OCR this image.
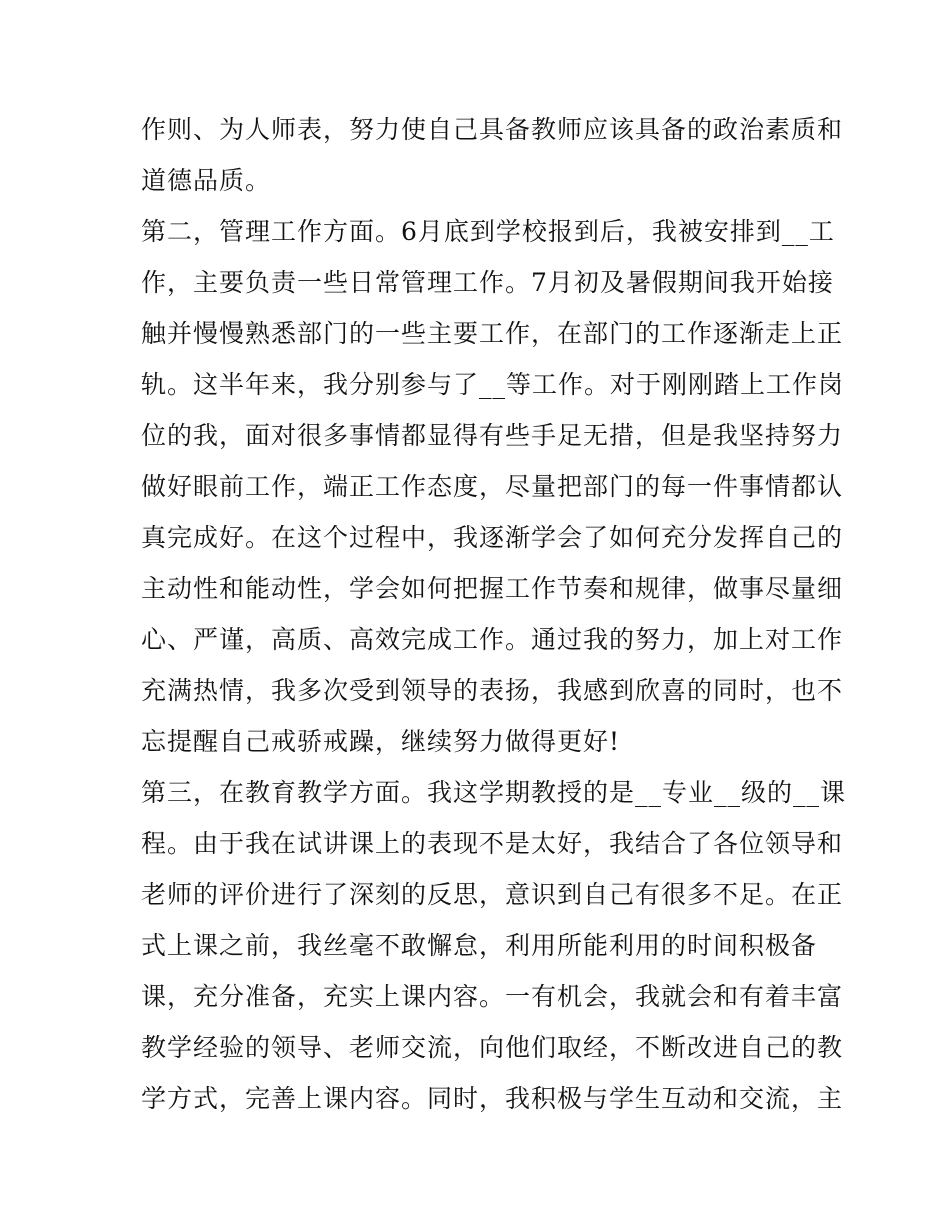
作则、为人师表，努力使自己具备教师应该具备的政治素质和
道德品质。
第二，管理工作方面。6月底到学校报到后，我被安排到__工
作，主要负责一些日常管理工作。7月初及暑假期间我开始接
触并慢慢熟悉部门的一些主要工作，在部门的工作逐渐走上正
轨。这半年来，我分别参与了__等工作。对于刚刚踏上工作岗
位的我，面对很多事情都显得有些手足无措，但是我坚持努力
做好眼前工作，端正工作态度，尽量把部门的每一件事情都认
真完成好。在这个过程中，我逐渐学会了如何充分发挥自己的
主动性和能动性，学会如何把握工作节奏和规律，做事尽量细
心、严谨，高质、高效完成工作。通过我的努力，加上对工作
充满热情，我多次受到领导的表扬，我感到欣喜的同时，也不
忘提醒自己戒骄戒躁，继续努力做得更好!
第三，在教育教学方面。我这学期教授的是__专业__级的__课
程。由于我在试讲课上的表现不是太好，我结合了各位领导和
老师的评价进行了深刻的反思，意识到自己有很多不足。在正
式上课之前，我丝毫不敢懈怠，利用所能利用的时间积极备
课，充分准备，充实上课内容。一有机会，我就会和有着丰富
教学经验的领导、老师交流，向他们取经，不断改进自己的教
学方式，完善上课内容。同时，我积极与学生互动和交流，主
